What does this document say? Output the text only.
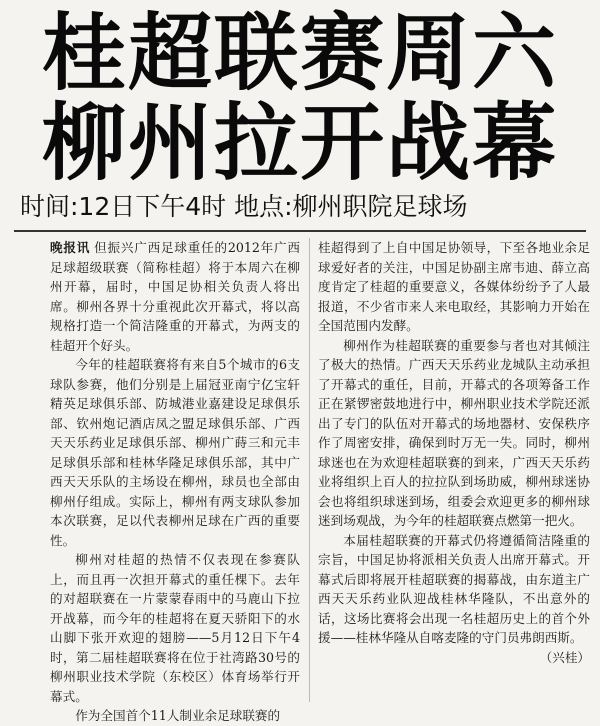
桂超联赛周六
柳州拉开战幕
时间:12日下午4时 地点:柳州职院足球场

晚报讯 但振兴广西足球重任的2012年广西足球超级联赛（简称桂超）将于本周六在柳州开幕，届时，中国足协相关负责人将出席。柳州各界十分重视此次开幕式，将以高规格打造一个简洁隆重的开幕式，为两支的桂超开个好头。

今年的桂超联赛将有来自5个城市的6支球队参赛，他们分别是上届冠亚南宁亿宝轩精英足球俱乐部、防城港业嘉建设足球俱乐部、钦州炮记酒店凤之盟足球俱乐部、广西天天乐药业足球俱乐部、柳州广蒔三和元丰足球俱乐部和桂林华隆足球俱乐部，其中广西天天乐队的主场设在柳州，球员也全部由柳州仔组成。实际上，柳州有两支球队参加本次联赛，足以代表柳州足球在广西的重要性。

柳州对桂超的热情不仅表现在参赛队上，而且再一次担开幕式的重任棵下。去年的对超联赛在一片蒙蒙春雨中的马鹿山下拉开战幕，而今年的桂超将在夏天骄阳下的水山脚下张开欢迎的翅膀——5月12日下午4时，第二届桂超联赛将在位于社湾路30号的柳州职业技术学院（东校区）体育场举行开幕式。

作为全国首个11人制业余足球联赛的

桂超得到了上自中国足协领导，下至各地业余足球爱好者的关注，中国足协副主席韦迪、薛立高度肯定了桂超的重要意义，各媒体纷纷予了人最报道，不少省市来人来电取经，其影响力开始在全国范围内发酵。

柳州作为桂超联赛的重要参与者也对其倾注了极大的热情。广西天天乐药业龙城队主动承担了开幕式的重任，目前，开幕式的各项筹备工作正在紧锣密鼓地进行中，柳州职业技术学院还派出了专门的队伍对开幕式的场地器材、安保秩序作了周密安排，确保到时万无一失。同时，柳州球迷也在为欢迎桂超联赛的到来，广西天天乐药业将组织上百人的拉拉队到场助威，柳州球迷协会也将组织球迷到场，组委会欢迎更多的柳州球迷到场观战，为今年的桂超联赛点燃第一把火。

本届桂超联赛的开幕式仍将遵循简洁隆重的宗旨，中国足协将派相关负责人出席开幕式。开幕式后即将展开桂超联赛的揭幕战，由东道主广西天天乐药业队迎战桂林华隆队，不出意外的话，这场比赛将会出现一名桂超历史上的首个外援——桂林华隆从自喀麦隆的守门员弗朗西斯。

（兴桂）
